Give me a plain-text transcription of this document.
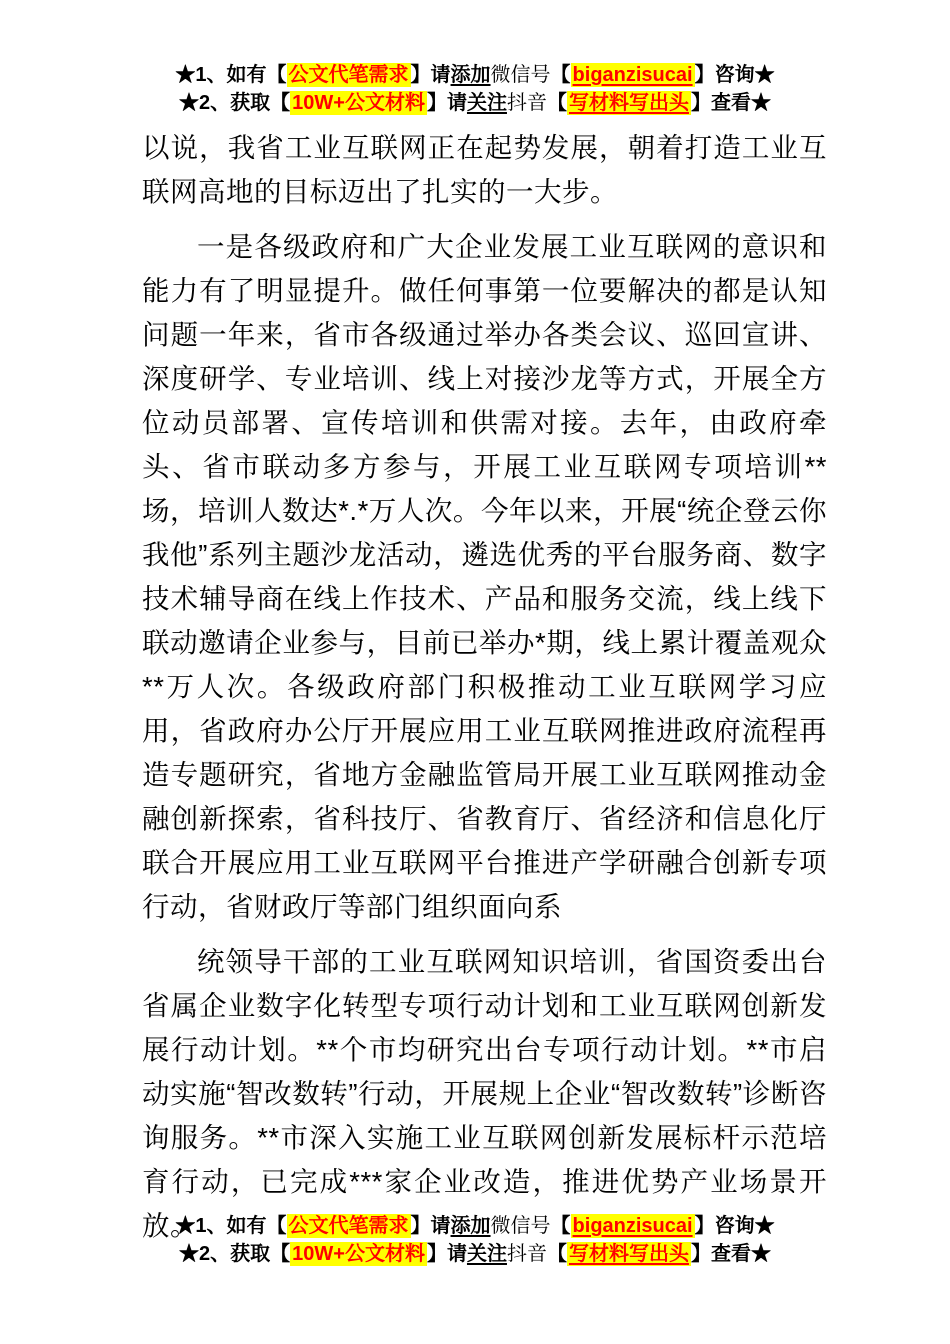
★1、如有【 公文代笔需求 】请添加微信号【 biganzisucai 】咨询★
★2、获取【 10W+公文材料 】请关注抖音【 写材料写出头 】查看★

以说，我省工业互联网正在起势发展，朝着打造工业互联网高地的目标迈出了扎实的一大步。

一是各级政府和广大企业发展工业互联网的意识和能力有了明显提升。做任何事第一位要解决的都是认知问题一年来，省市各级通过举办各类会议、巡回宣讲、深度研学、专业培训、线上对接沙龙等方式，开展全方位动员部署、宣传培训和供需对接。去年，由政府牵头、省市联动多方参与，开展工业互联网专项培训**场，培训人数达*.*万人次。今年以来，开展“统企登云你我他”系列主题沙龙活动，遴选优秀的平台服务商、数字技术辅导商在线上作技术、产品和服务交流，线上线下联动邀请企业参与，目前已举办*期，线上累计覆盖观众**万人次。各级政府部门积极推动工业互联网学习应用，省政府办公厅开展应用工业互联网推进政府流程再造专题研究，省地方金融监管局开展工业互联网推动金融创新探索，省科技厅、省教育厅、省经济和信息化厅联合开展应用工业互联网平台推进产学研融合创新专项行动，省财政厅等部门组织面向系

统领导干部的工业互联网知识培训，省国资委出台省属企业数字化转型专项行动计划和工业互联网创新发展行动计划。**个市均研究出台专项行动计划。**市启动实施“智改数转”行动，开展规上企业“智改数转”诊断咨询服务。**市深入实施工业互联网创新发展标杆示范培育行动，已完成***家企业改造，推进优势产业场景开放。

★1、如有【 公文代笔需求 】请添加微信号【 biganzisucai 】咨询★
★2、获取【 10W+公文材料 】请关注抖音【 写材料写出头 】查看★
